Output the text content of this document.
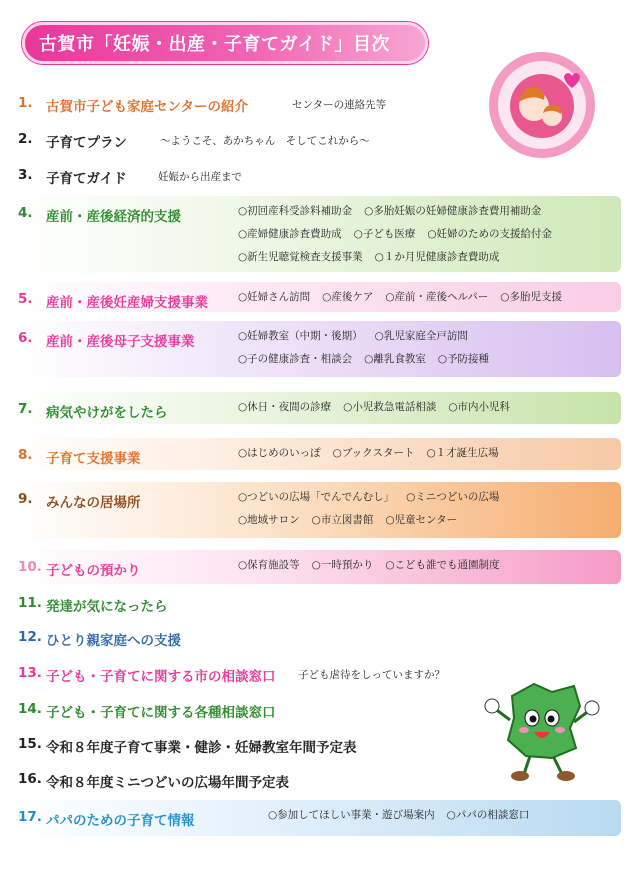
古賀市「妊娠・出産・子育てガイド」目次
1. 古賀市子ども家庭センターの紹介	センターの連絡先等
2. 子育てプラン	～ようこそ、あかちゃん　そしてこれから～
3. 子育てガイド	妊娠から出産まで
4. 産前・産後経済的支援	○初回産科受診料補助金 ○多胎妊娠の妊婦健康診査費用補助金
○産婦健康診査費助成 ○子ども医療 ○妊婦のための支援給付金
○新生児聴覚検査支援事業 ○１か月児健康診査費助成
5. 産前・産後妊産婦支援事業	○妊婦さん訪問 ○産後ケア ○産前・産後ヘルパー ○多胎児支援
6. 産前・産後母子支援事業	○妊婦教室（中期・後期） ○乳児家庭全戸訪問
○子の健康診査・相談会 ○離乳食教室 ○予防接種
7. 病気やけがをしたら	○休日・夜間の診療 ○小児救急電話相談 ○市内小児科
8. 子育て支援事業	○はじめのいっぽ ○ブックスタート ○１才誕生広場
9. みんなの居場所	○つどいの広場「でんでんむし」 ○ミニつどいの広場
○地域サロン ○市立図書館 ○児童センター
10. 子どもの預かり	○保育施設等 ○一時預かり ○こども誰でも通園制度
11. 発達が気になったら
12. ひとり親家庭への支援
13. 子ども・子育てに関する市の相談窓口 子ども虐待をしっていますか？
14. 子ども・子育てに関する各種相談窓口
15. 令和８年度子育て事業・健診・妊婦教室年間予定表
16. 令和８年度ミニつどいの広場年間予定表
17. パパのための子育て情報	○参加してほしい事業・遊び場案内 ○パパの相談窓口
